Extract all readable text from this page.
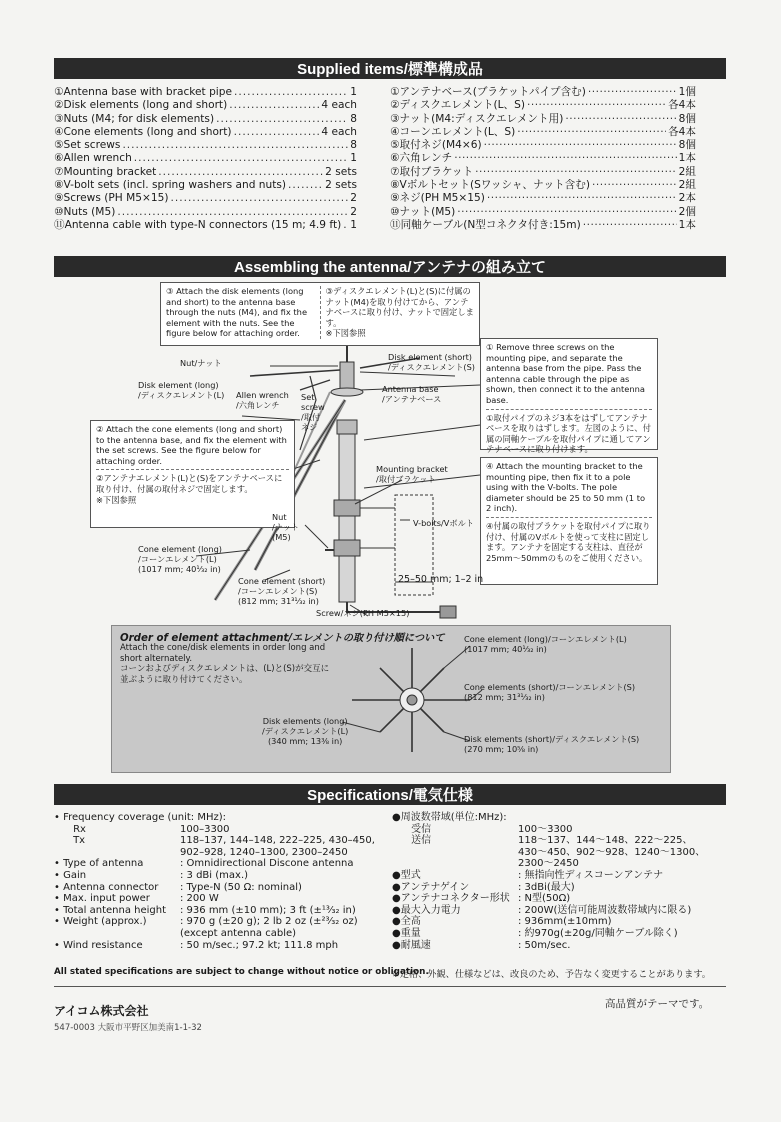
Supplied items/標準構成品
①Antenna base with bracket pipe .....	1
②Disk elements (long and short) .....	4 each
③Nuts (M4; for disk elements) .....	8
④Cone elements (long and short) .....	4 each
⑤Set screws .....	8
⑥Allen wrench .....	1
⑦Mounting bracket .....	2 sets
⑧V-bolt sets (incl. spring washers and nuts) .....	2 sets
⑨Screws (PH M5×15) .....	2
⑩Nuts (M5) .....	2
⑪Antenna cable with type-N connectors (15 m; 4.9 ft) ..... 1
①アンテナベース(ブラケットパイプ含む) ·····	1個
②ディスクエレメント(L、S) ·····	各4本
③ナット(M4:ディスクエレメント用) ·····	8個
④コーンエレメント(L、S) ·····	各4本
⑤取付ネジ(M4×6) ·····	8個
⑥六角レンチ ·····	1本
⑦取付ブラケット ·····	2組
⑧Vボルトセット(Sワッシャ、ナット含む) ·····	2組
⑨ネジ(PH M5×15) ·····	2本
⑩ナット(M5) ·····	2個
⑪同軸ケーブル(N型コネクタ付き:15m) ·····	1本
Assembling the antenna/アンテナの組み立て
③ Attach the disk elements (long and short) to the antenna base through the nuts (M4), and fix the element with the nuts. See the figure below for attaching order.
③ディスクエレメント(L)と(S)に付属のナット(M4)を取り付けてから、アンテナベースに取り付け、ナットで固定します。
※下図参照
② Attach the cone elements (long and short) to the antenna base, and fix the element with the set screws. See the figure below for attaching order.
②アンテナエレメント(L)と(S)をアンテナベースに取り付け、付属の取付ネジで固定します。
※下図参照
① Remove three screws on the mounting pipe, and separate the antenna base from the pipe. Pass the antenna cable through the pipe as shown, then connect it to the antenna base.
①取付パイプのネジ3本をはずしてアンテナベースを取りはずします。左図のように、付属の同軸ケーブルを取付パイプに通してアンテナベースに取り付けます。
④ Attach the mounting bracket to the mounting pipe, then fix it to a pole using with the V-bolts. The pole diameter should be 25 to 50 mm (1 to 2 inch).
④付属の取付ブラケットを取付パイプに取り付け、付属のVボルトを使って支柱に固定します。アンテナを固定する支柱は、直径が25mm〜50mmのものをご使用ください。
Nut/ナット
Disk element (long)
/ディスクエレメント(L) Allen wrench
/六角レンチ
Set
screw
/取付
ネジ
Disk element (short)
/ディスクエレメント(S)
Antenna base
/アンテナベース
Mounting bracket
/取付ブラケット
V-bolts/Vボルト
Nut
/ナット
(M5)
Cone element (long)
/コーンエレメント(L)
(1017 mm; 40¹⁄₃₂ in)
Cone element (short)
/コーンエレメント(S)
(812 mm; 31³¹⁄₃₂ in)
25–50 mm; 1–2 in
Screw/ネジ(PH M5×15)
Order of element attachment/エレメントの取り付け順について
Attach the cone/disk elements in order long and short alternately.
コーンおよびディスクエレメントは、(L)と(S)が交互に並ぶように取り付けてください。
Cone element (long)/コーンエレメント(L)
(1017 mm; 40¹⁄₃₂ in)
Cone elements (short)/コーンエレメント(S)
(812 mm; 31³¹⁄₃₂ in)
Disk elements (long)
/ディスクエレメント(L)
(340 mm; 13⅜ in)	Disk elements (short)/ディスクエレメント(S)
(270 mm; 10⅝ in)
Specifications/電気仕様
• Frequency coverage (unit: MHz):
Rx	100–3300
Tx	118–137, 144–148, 222–225, 430–450,
902–928, 1240–1300, 2300–2450
• Type of antenna	: Omnidirectional Discone antenna
• Gain	: 3 dBi (max.)
• Antenna connector	: Type-N (50 Ω: nominal)
• Max. input power	: 200 W
• Total antenna height	: 936 mm (±10 mm); 3 ft (±¹³⁄₃₂ in)
• Weight (approx.)	: 970 g (±20 g); 2 lb 2 oz (±²³⁄₃₂ oz)
(except antenna cable)
• Wind resistance	: 50 m/sec.; 97.2 kt; 111.8 mph
All stated specifications are subject to change without notice or obligation.
●周波数帯域(単位:MHz):
受信	100〜3300
送信	118〜137、144〜148、222〜225、
430〜450、902〜928、1240〜1300、
2300〜2450
●型式	: 無指向性ディスコーンアンテナ
●アンテナゲイン	: 3dBi(最大)
●アンテナコネクター形状 : N型(50Ω)
●最大入力電力	: 200W(送信可能周波数帯域内に限る)
●全高	: 936mm(±10mm)
●重量	: 約970g(±20g/同軸ケーブル除く)
●耐風速	: 50m/sec.
※定格、外観、仕様などは、改良のため、予告なく変更することがあります。
アイコム株式会社
547-0003 大阪市平野区加美南1-1-32
高品質がテーマです。
